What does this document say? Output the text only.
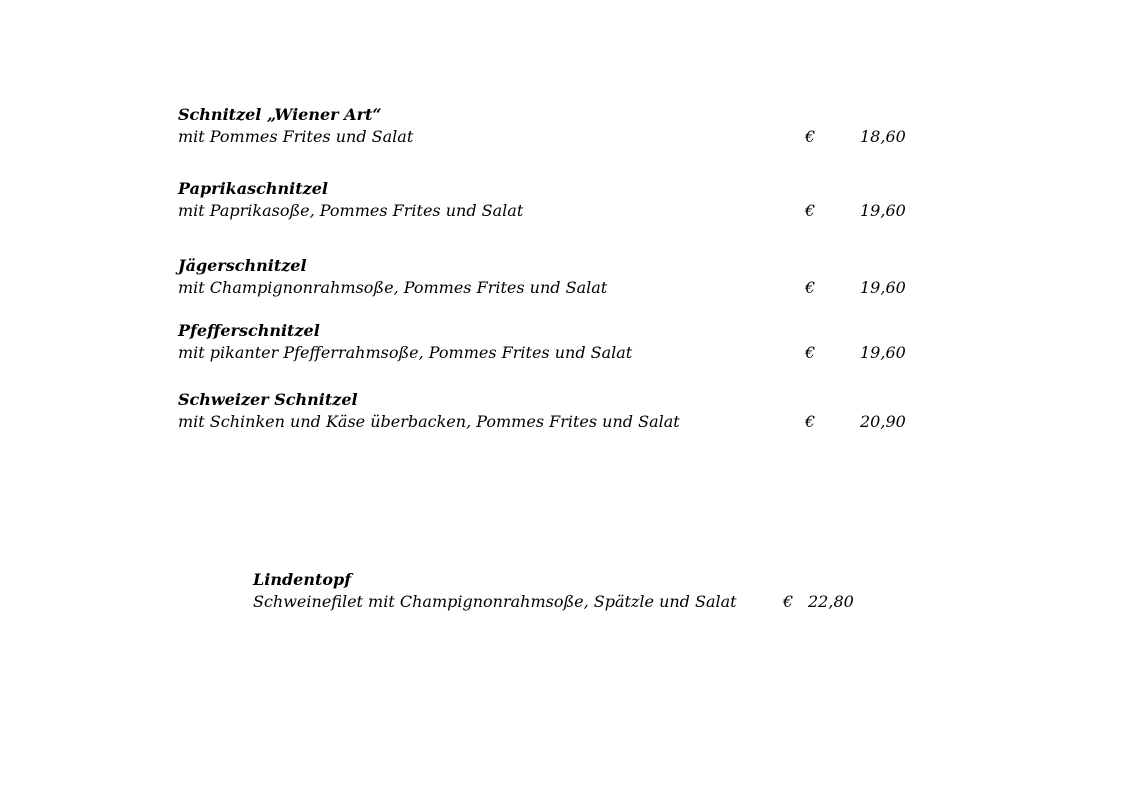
Schnitzel „Wiener Art“
mit Pommes Frites und Salat	€	18,60
Paprikaschnitzel
mit Paprikasoße, Pommes Frites und Salat	€	19,60
Jägerschnitzel
mit Champignonrahmsoße, Pommes Frites und Salat	€	19,60
Pfefferschnitzel
mit pikanter Pfefferrahmsoße, Pommes Frites und Salat	€	19,60
Schweizer Schnitzel
mit Schinken und Käse überbacken, Pommes Frites und Salat	€	20,90
Lindentopf
Schweinefilet mit Champignonrahmsoße, Spätzle und Salat	€ 22,80
